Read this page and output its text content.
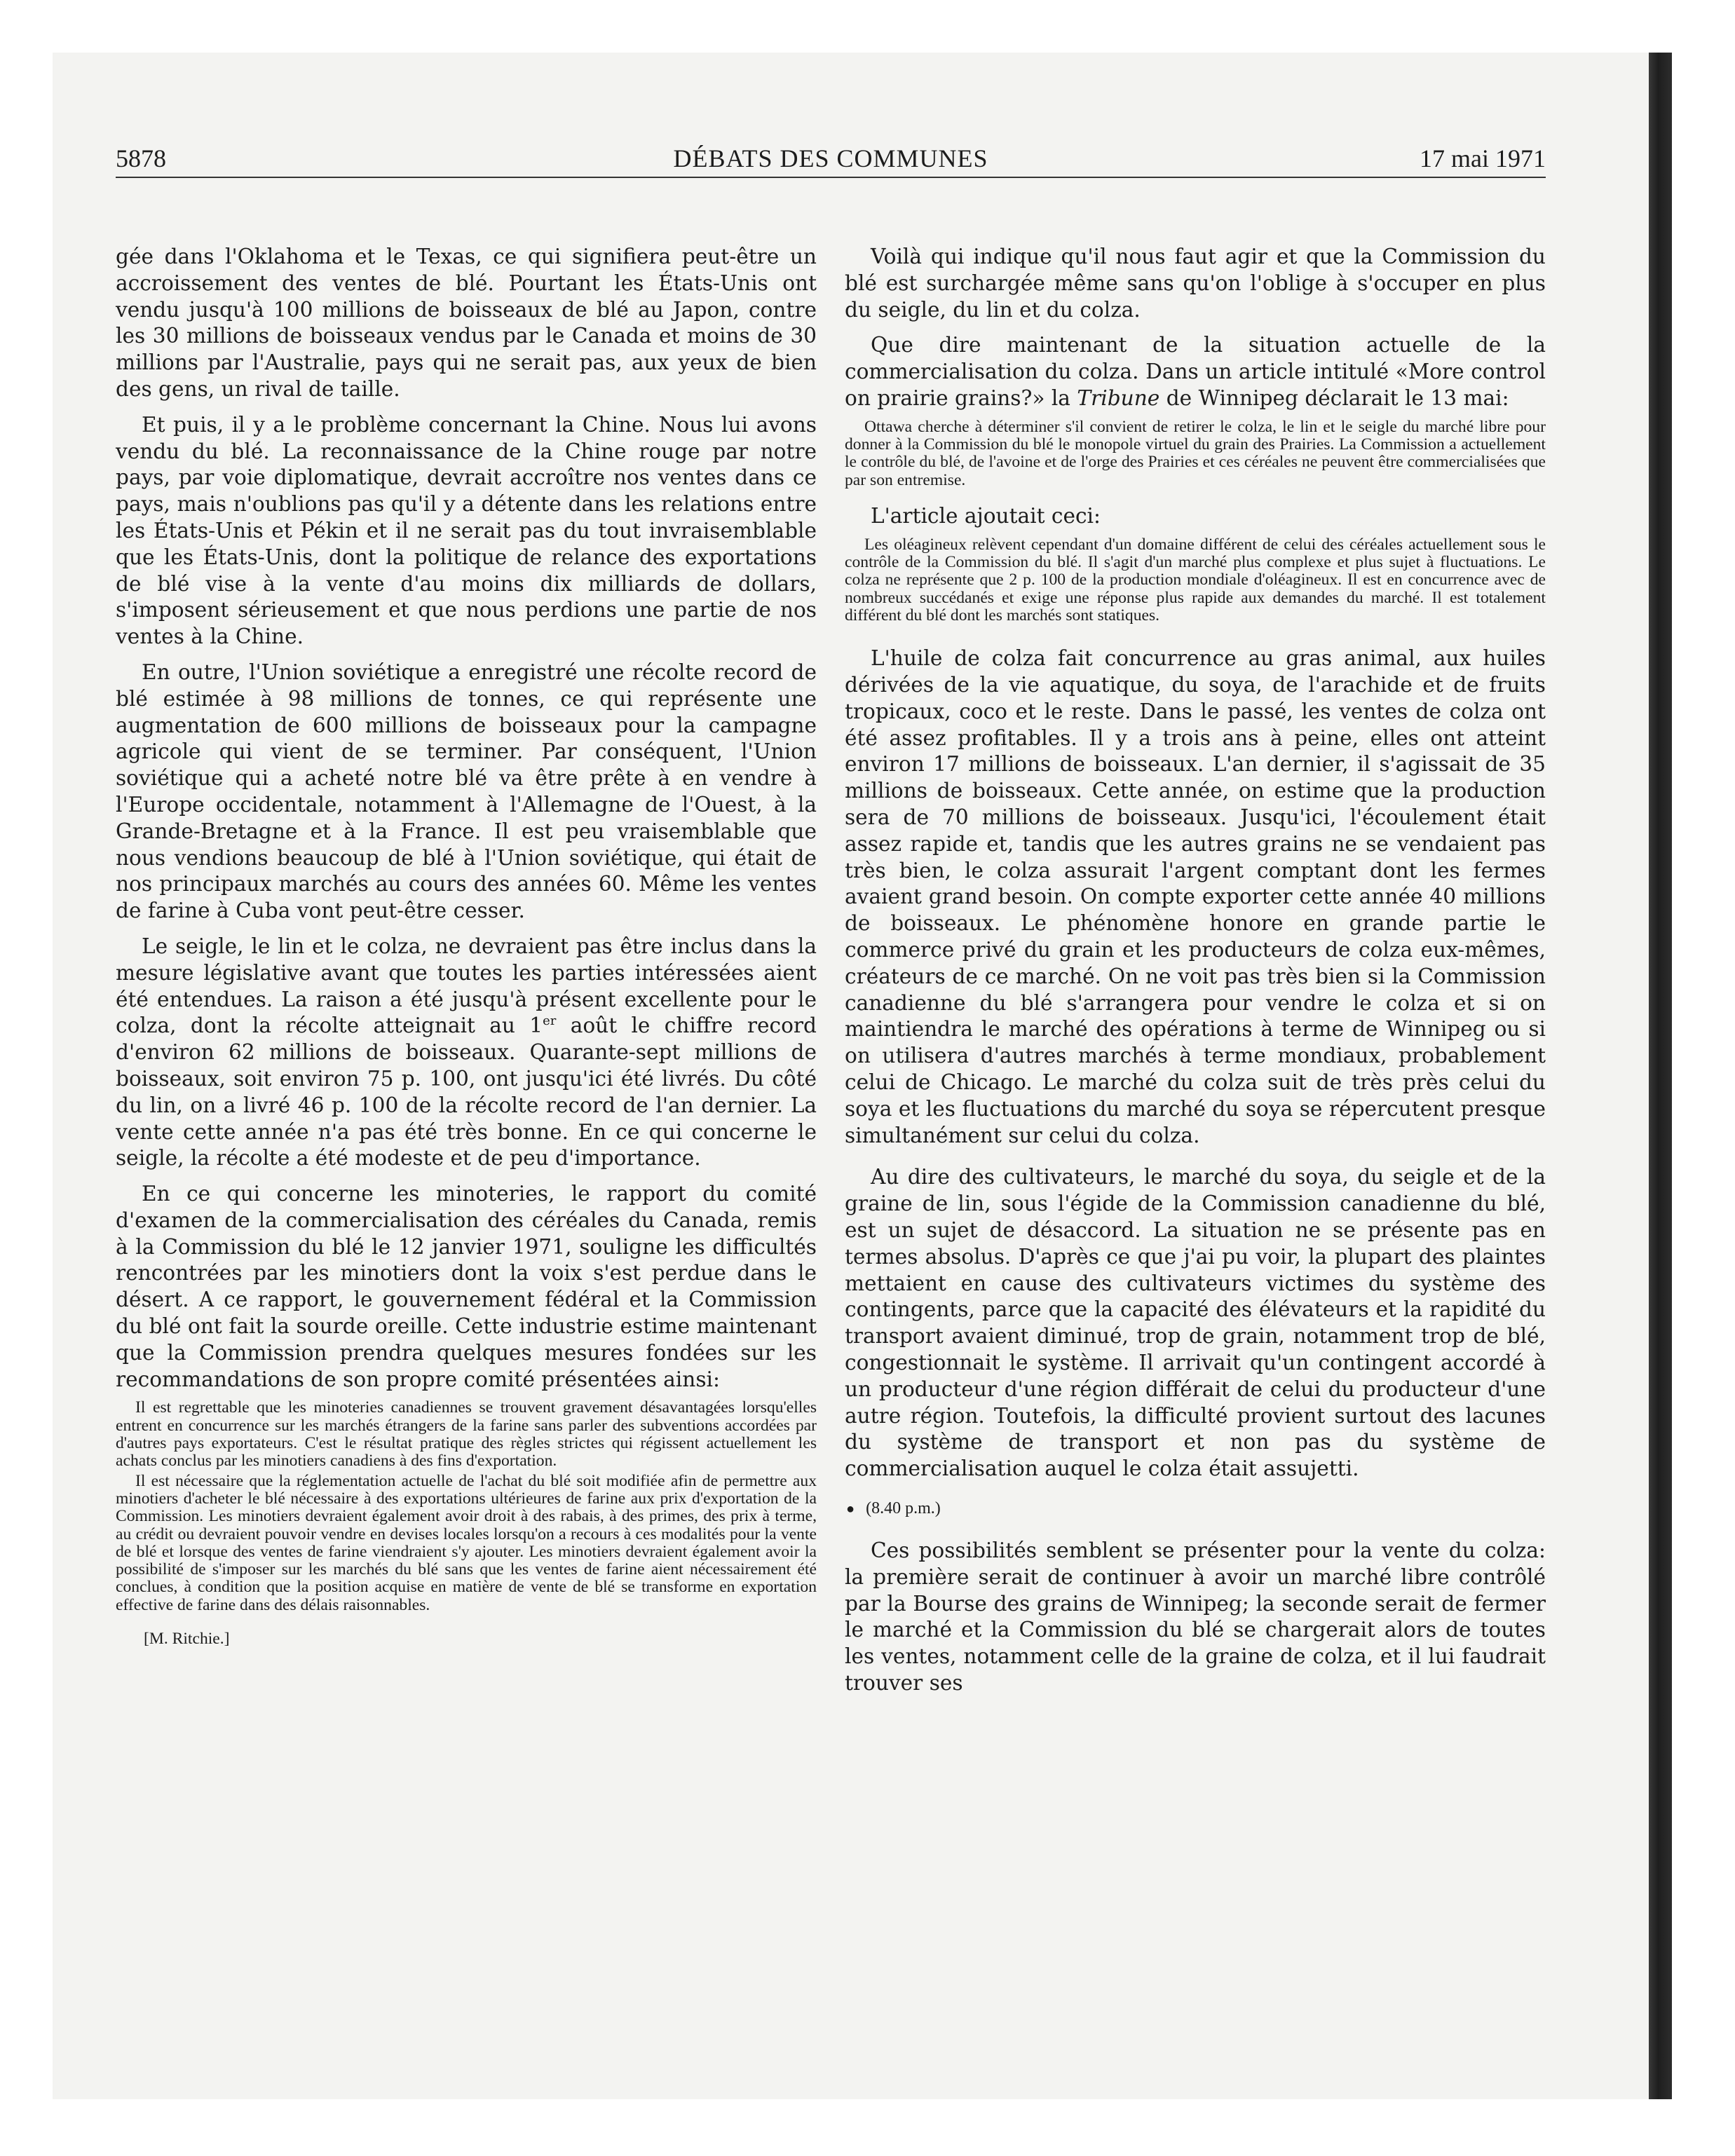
5878	DÉBATS DES COMMUNES	17 mai 1971

gée dans l'Oklahoma et le Texas, ce qui signifiera peut-être un accroissement des ventes de blé. Pourtant les États-Unis ont vendu jusqu'à 100 millions de boisseaux de blé au Japon, contre les 30 millions de boisseaux vendus par le Canada et moins de 30 millions par l'Australie, pays qui ne serait pas, aux yeux de bien des gens, un rival de taille.

Et puis, il y a le problème concernant la Chine. Nous lui avons vendu du blé. La reconnaissance de la Chine rouge par notre pays, par voie diplomatique, devrait accroître nos ventes dans ce pays, mais n'oublions pas qu'il y a détente dans les relations entre les États-Unis et Pékin et il ne serait pas du tout invraisemblable que les États-Unis, dont la politique de relance des exportations de blé vise à la vente d'au moins dix milliards de dollars, s'imposent sérieusement et que nous perdions une partie de nos ventes à la Chine.

En outre, l'Union soviétique a enregistré une récolte record de blé estimée à 98 millions de tonnes, ce qui représente une augmentation de 600 millions de boisseaux pour la campagne agricole qui vient de se terminer. Par conséquent, l'Union soviétique qui a acheté notre blé va être prête à en vendre à l'Europe occidentale, notamment à l'Allemagne de l'Ouest, à la Grande-Bretagne et à la France. Il est peu vraisemblable que nous vendions beaucoup de blé à l'Union soviétique, qui était de nos principaux marchés au cours des années 60. Même les ventes de farine à Cuba vont peut-être cesser.

Le seigle, le lin et le colza, ne devraient pas être inclus dans la mesure législative avant que toutes les parties intéressées aient été entendues. La raison a été jusqu'à présent excellente pour le colza, dont la récolte atteignait au 1er août le chiffre record d'environ 62 millions de boisseaux. Quarante-sept millions de boisseaux, soit environ 75 p. 100, ont jusqu'ici été livrés. Du côté du lin, on a livré 46 p. 100 de la récolte record de l'an dernier. La vente cette année n'a pas été très bonne. En ce qui concerne le seigle, la récolte a été modeste et de peu d'importance.

En ce qui concerne les minoteries, le rapport du comité d'examen de la commercialisation des céréales du Canada, remis à la Commission du blé le 12 janvier 1971, souligne les difficultés rencontrées par les minotiers dont la voix s'est perdue dans le désert. A ce rapport, le gouvernement fédéral et la Commission du blé ont fait la sourde oreille. Cette industrie estime maintenant que la Commission prendra quelques mesures fondées sur les recommandations de son propre comité présentées ainsi:

Il est regrettable que les minoteries canadiennes se trouvent gravement désavantagées lorsqu'elles entrent en concurrence sur les marchés étrangers de la farine sans parler des subventions accordées par d'autres pays exportateurs. C'est le résultat pratique des règles strictes qui régissent actuellement les achats conclus par les minotiers canadiens à des fins d'exportation.

Il est nécessaire que la réglementation actuelle de l'achat du blé soit modifiée afin de permettre aux minotiers d'acheter le blé nécessaire à des exportations ultérieures de farine aux prix d'exportation de la Commission. Les minotiers devraient également avoir droit à des rabais, à des primes, des prix à terme, au crédit ou devraient pouvoir vendre en devises locales lorsqu'on a recours à ces modalités pour la vente de blé et lorsque des ventes de farine viendraient s'y ajouter. Les minotiers devraient également avoir la possibilité de s'imposer sur les marchés du blé sans que les ventes de farine aient nécessairement été conclues, à condition que la position acquise en matière de vente de blé se transforme en exportation effective de farine dans des délais raisonnables.

[M. Ritchie.]

Voilà qui indique qu'il nous faut agir et que la Commission du blé est surchargée même sans qu'on l'oblige à s'occuper en plus du seigle, du lin et du colza.

Que dire maintenant de la situation actuelle de la commercialisation du colza. Dans un article intitulé «More control on prairie grains?» la Tribune de Winnipeg déclarait le 13 mai:

Ottawa cherche à déterminer s'il convient de retirer le colza, le lin et le seigle du marché libre pour donner à la Commission du blé le monopole virtuel du grain des Prairies. La Commission a actuellement le contrôle du blé, de l'avoine et de l'orge des Prairies et ces céréales ne peuvent être commercialisées que par son entremise.

L'article ajoutait ceci:

Les oléagineux relèvent cependant d'un domaine différent de celui des céréales actuellement sous le contrôle de la Commission du blé. Il s'agit d'un marché plus complexe et plus sujet à fluctuations. Le colza ne représente que 2 p. 100 de la production mondiale d'oléagineux. Il est en concurrence avec de nombreux succédanés et exige une réponse plus rapide aux demandes du marché. Il est totalement différent du blé dont les marchés sont statiques.

L'huile de colza fait concurrence au gras animal, aux huiles dérivées de la vie aquatique, du soya, de l'arachide et de fruits tropicaux, coco et le reste. Dans le passé, les ventes de colza ont été assez profitables. Il y a trois ans à peine, elles ont atteint environ 17 millions de boisseaux. L'an dernier, il s'agissait de 35 millions de boisseaux. Cette année, on estime que la production sera de 70 millions de boisseaux. Jusqu'ici, l'écoulement était assez rapide et, tandis que les autres grains ne se vendaient pas très bien, le colza assurait l'argent comptant dont les fermes avaient grand besoin. On compte exporter cette année 40 millions de boisseaux. Le phénomène honore en grande partie le commerce privé du grain et les producteurs de colza eux-mêmes, créateurs de ce marché. On ne voit pas très bien si la Commission canadienne du blé s'arrangera pour vendre le colza et si on maintiendra le marché des opérations à terme de Winnipeg ou si on utilisera d'autres marchés à terme mondiaux, probablement celui de Chicago. Le marché du colza suit de très près celui du soya et les fluctuations du marché du soya se répercutent presque simultanément sur celui du colza.

Au dire des cultivateurs, le marché du soya, du seigle et de la graine de lin, sous l'égide de la Commission canadienne du blé, est un sujet de désaccord. La situation ne se présente pas en termes absolus. D'après ce que j'ai pu voir, la plupart des plaintes mettaient en cause des cultivateurs victimes du système des contingents, parce que la capacité des élévateurs et la rapidité du transport avaient diminué, trop de grain, notamment trop de blé, congestionnait le système. Il arrivait qu'un contingent accordé à un producteur d'une région différait de celui du producteur d'une autre région. Toutefois, la difficulté provient surtout des lacunes du système de transport et non pas du système de commercialisation auquel le colza était assujetti.

● (8.40 p.m.)

Ces possibilités semblent se présenter pour la vente du colza: la première serait de continuer à avoir un marché libre contrôlé par la Bourse des grains de Winnipeg; la seconde serait de fermer le marché et la Commission du blé se chargerait alors de toutes les ventes, notamment celle de la graine de colza, et il lui faudrait trouver ses
